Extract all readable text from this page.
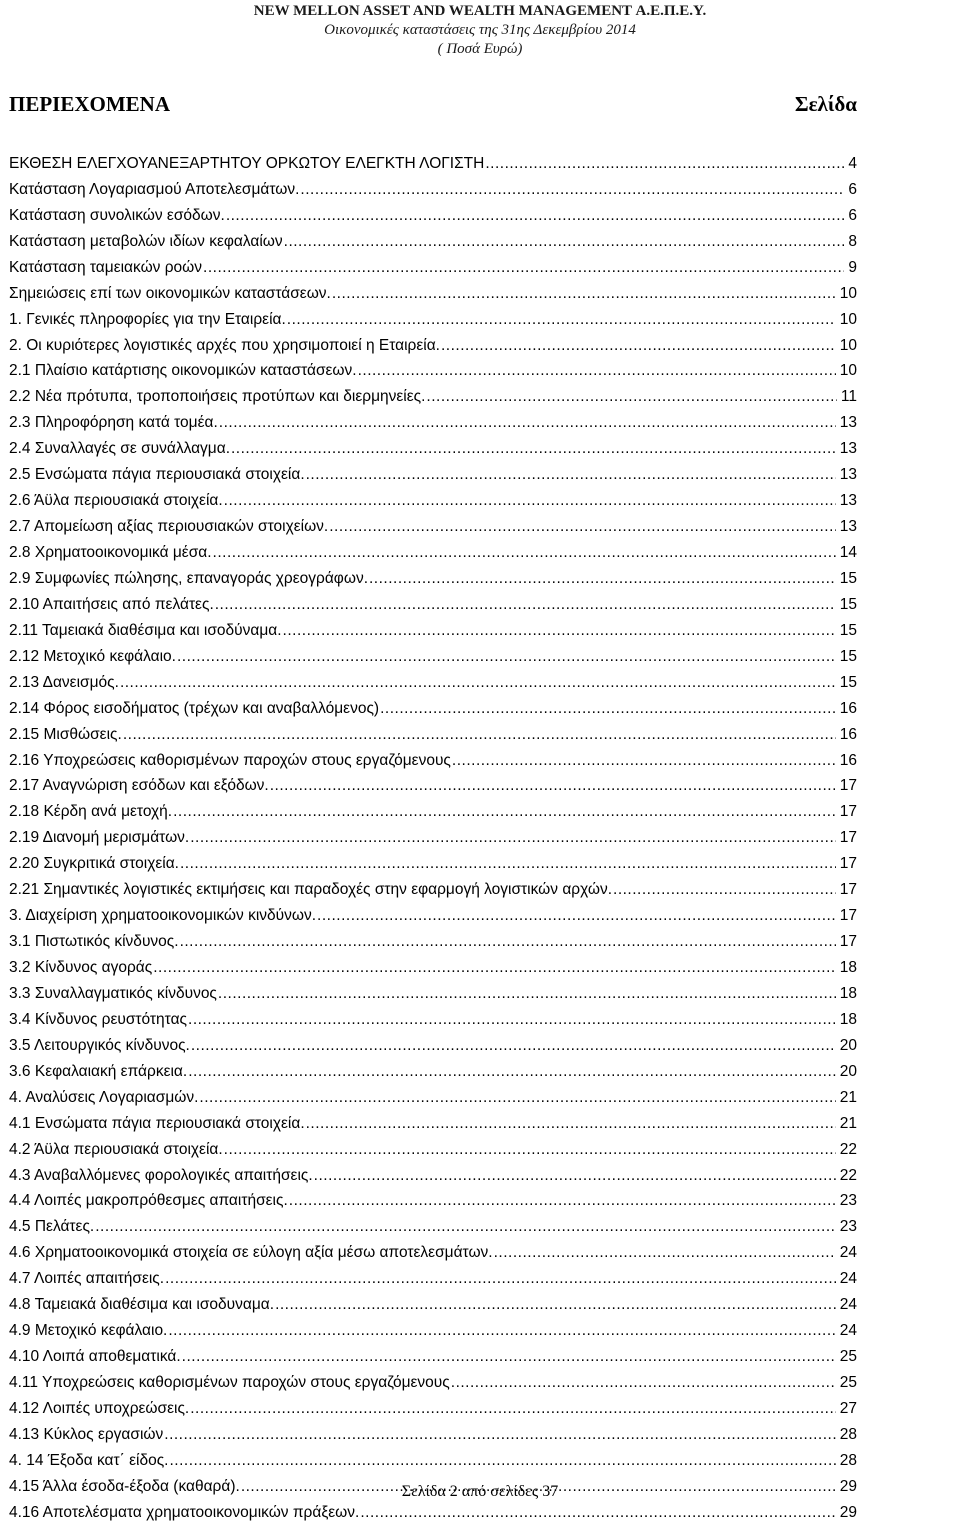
NEW MELLON ASSET AND WEALTH MANAGEMENT Α.Ε.Π.Ε.Υ.
Οικονομικές καταστάσεις της 31ης Δεκεμβρίου 2014
( Ποσά Ευρώ)
ΠΕΡΙΕΧΟΜΕΝΑ	Σελίδα
ΕΚΘΕΣΗ ΕΛΕΓΧΟΥΑΝΕΞΑΡΤΗΤΟΥ ΟΡΚΩΤΟΥ ΕΛΕΓΚΤΗ ΛΟΓΙΣΤΗ .....	4
Κατάσταση Λογαριασμού Αποτελεσμάτων. .....	6
Κατάσταση συνολικών εσόδων. .....	6
Κατάσταση μεταβολών ιδίων κεφαλαίων .....	8
Κατάσταση ταμειακών ροών .....	9
Σημειώσεις επί των οικονομικών καταστάσεων. .....	10
1. Γενικές πληροφορίες για την Εταιρεία. .....	10
2. Οι κυριότερες λογιστικές αρχές που χρησιμοποιεί η Εταιρεία. .....	10
2.1 Πλαίσιο κατάρτισης οικονομικών καταστάσεων. .....	10
2.2 Νέα πρότυπα, τροποποιήσεις προτύπων και διερμηνείες. .....	11
2.3 Πληροφόρηση κατά τομέα. .....	13
2.4 Συναλλαγές σε συνάλλαγμα. .....	13
2.5 Ενσώματα πάγια περιουσιακά στοιχεία. .....	13
2.6 Άϋλα περιουσιακά στοιχεία. .....	13
2.7 Απομείωση αξίας περιουσιακών στοιχείων. .....	13
2.8 Χρηματοοικονομικά μέσα. .....	14
2.9 Συμφωνίες πώλησης, επαναγοράς χρεογράφων. .....	15
2.10 Απαιτήσεις από πελάτες. .....	15
2.11 Ταμειακά διαθέσιμα και ισοδύναμα. .....	15
2.12 Μετοχικό κεφάλαιο. .....	15
2.13 Δανεισμός. .....	15
2.14 Φόρος εισοδήματος (τρέχων και αναβαλλόμενος) .....	16
2.15 Μισθώσεις. .....	16
2.16 Υποχρεώσεις καθορισμένων παροχών στους εργαζόμενους .....	16
2.17 Αναγνώριση εσόδων και εξόδων. .....	17
2.18 Κέρδη ανά μετοχή. .....	17
2.19 Διανομή μερισμάτων. .....	17
2.20 Συγκριτικά στοιχεία. .....	17
2.21 Σημαντικές λογιστικές εκτιμήσεις και παραδοχές στην εφαρμογή λογιστικών αρχών. .....	17
3. Διαχείριση χρηματοοικονομικών κινδύνων. .....	17
3.1 Πιστωτικός κίνδυνος. .....	17
3.2 Κίνδυνος αγοράς .....	18
3.3 Συναλλαγματικός κίνδυνος .....	18
3.4 Κίνδυνος ρευστότητας .....	18
3.5 Λειτουργικός κίνδυνος. .....	20
3.6 Κεφαλαιακή επάρκεια. .....	20
4. Αναλύσεις Λογαριασμών. .....	21
4.1 Ενσώματα πάγια περιουσιακά στοιχεία. .....	21
4.2 Άϋλα περιουσιακά στοιχεία. .....	22
4.3 Αναβαλλόμενες φορολογικές απαιτήσεις. .....	22
4.4 Λοιπές μακροπρόθεσμες απαιτήσεις. .....	23
4.5 Πελάτες. .....	23
4.6 Χρηματοοικονομικά στοιχεία σε εύλογη αξία μέσω αποτελεσμάτων. .....	24
4.7 Λοιπές απαιτήσεις. .....	24
4.8 Ταμειακά διαθέσιμα και ισοδυναμα. .....	24
4.9 Μετοχικό κεφάλαιο. .....	24
4.10 Λοιπά αποθεματικά. .....	25
4.11 Υποχρεώσεις καθορισμένων παροχών στους εργαζόμενους .....	25
4.12 Λοιπές υποχρεώσεις. .....	27
4.13 Κύκλος εργασιών .....	28
4. 14 Έξοδα κατ΄ είδος. .....	28
4.15 Άλλα έσοδα-έξοδα (καθαρά). .....	29
4.16 Αποτελέσματα χρηματοοικονομικών πράξεων. .....	29
Σελίδα 2 από σελίδες 37
